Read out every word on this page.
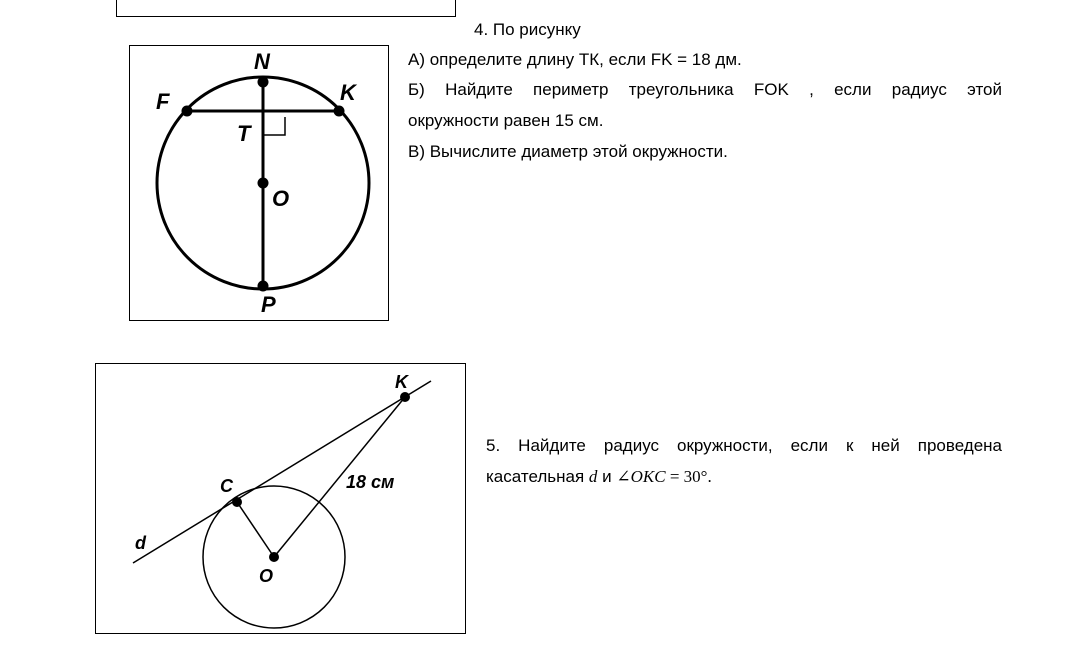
4. По рисунку
А) определите длину ТК, если FK = 18 дм.
Б) Найдите периметр треугольника FOK , если радиус этой
окружности равен 15 см.
В) Вычислите диаметр этой окружности.
N
F	K
T
O
P
K
C
O
d
18 см
5. Найдите радиус окружности, если к ней проведена
касательная d и ∠OKC = 30°.
